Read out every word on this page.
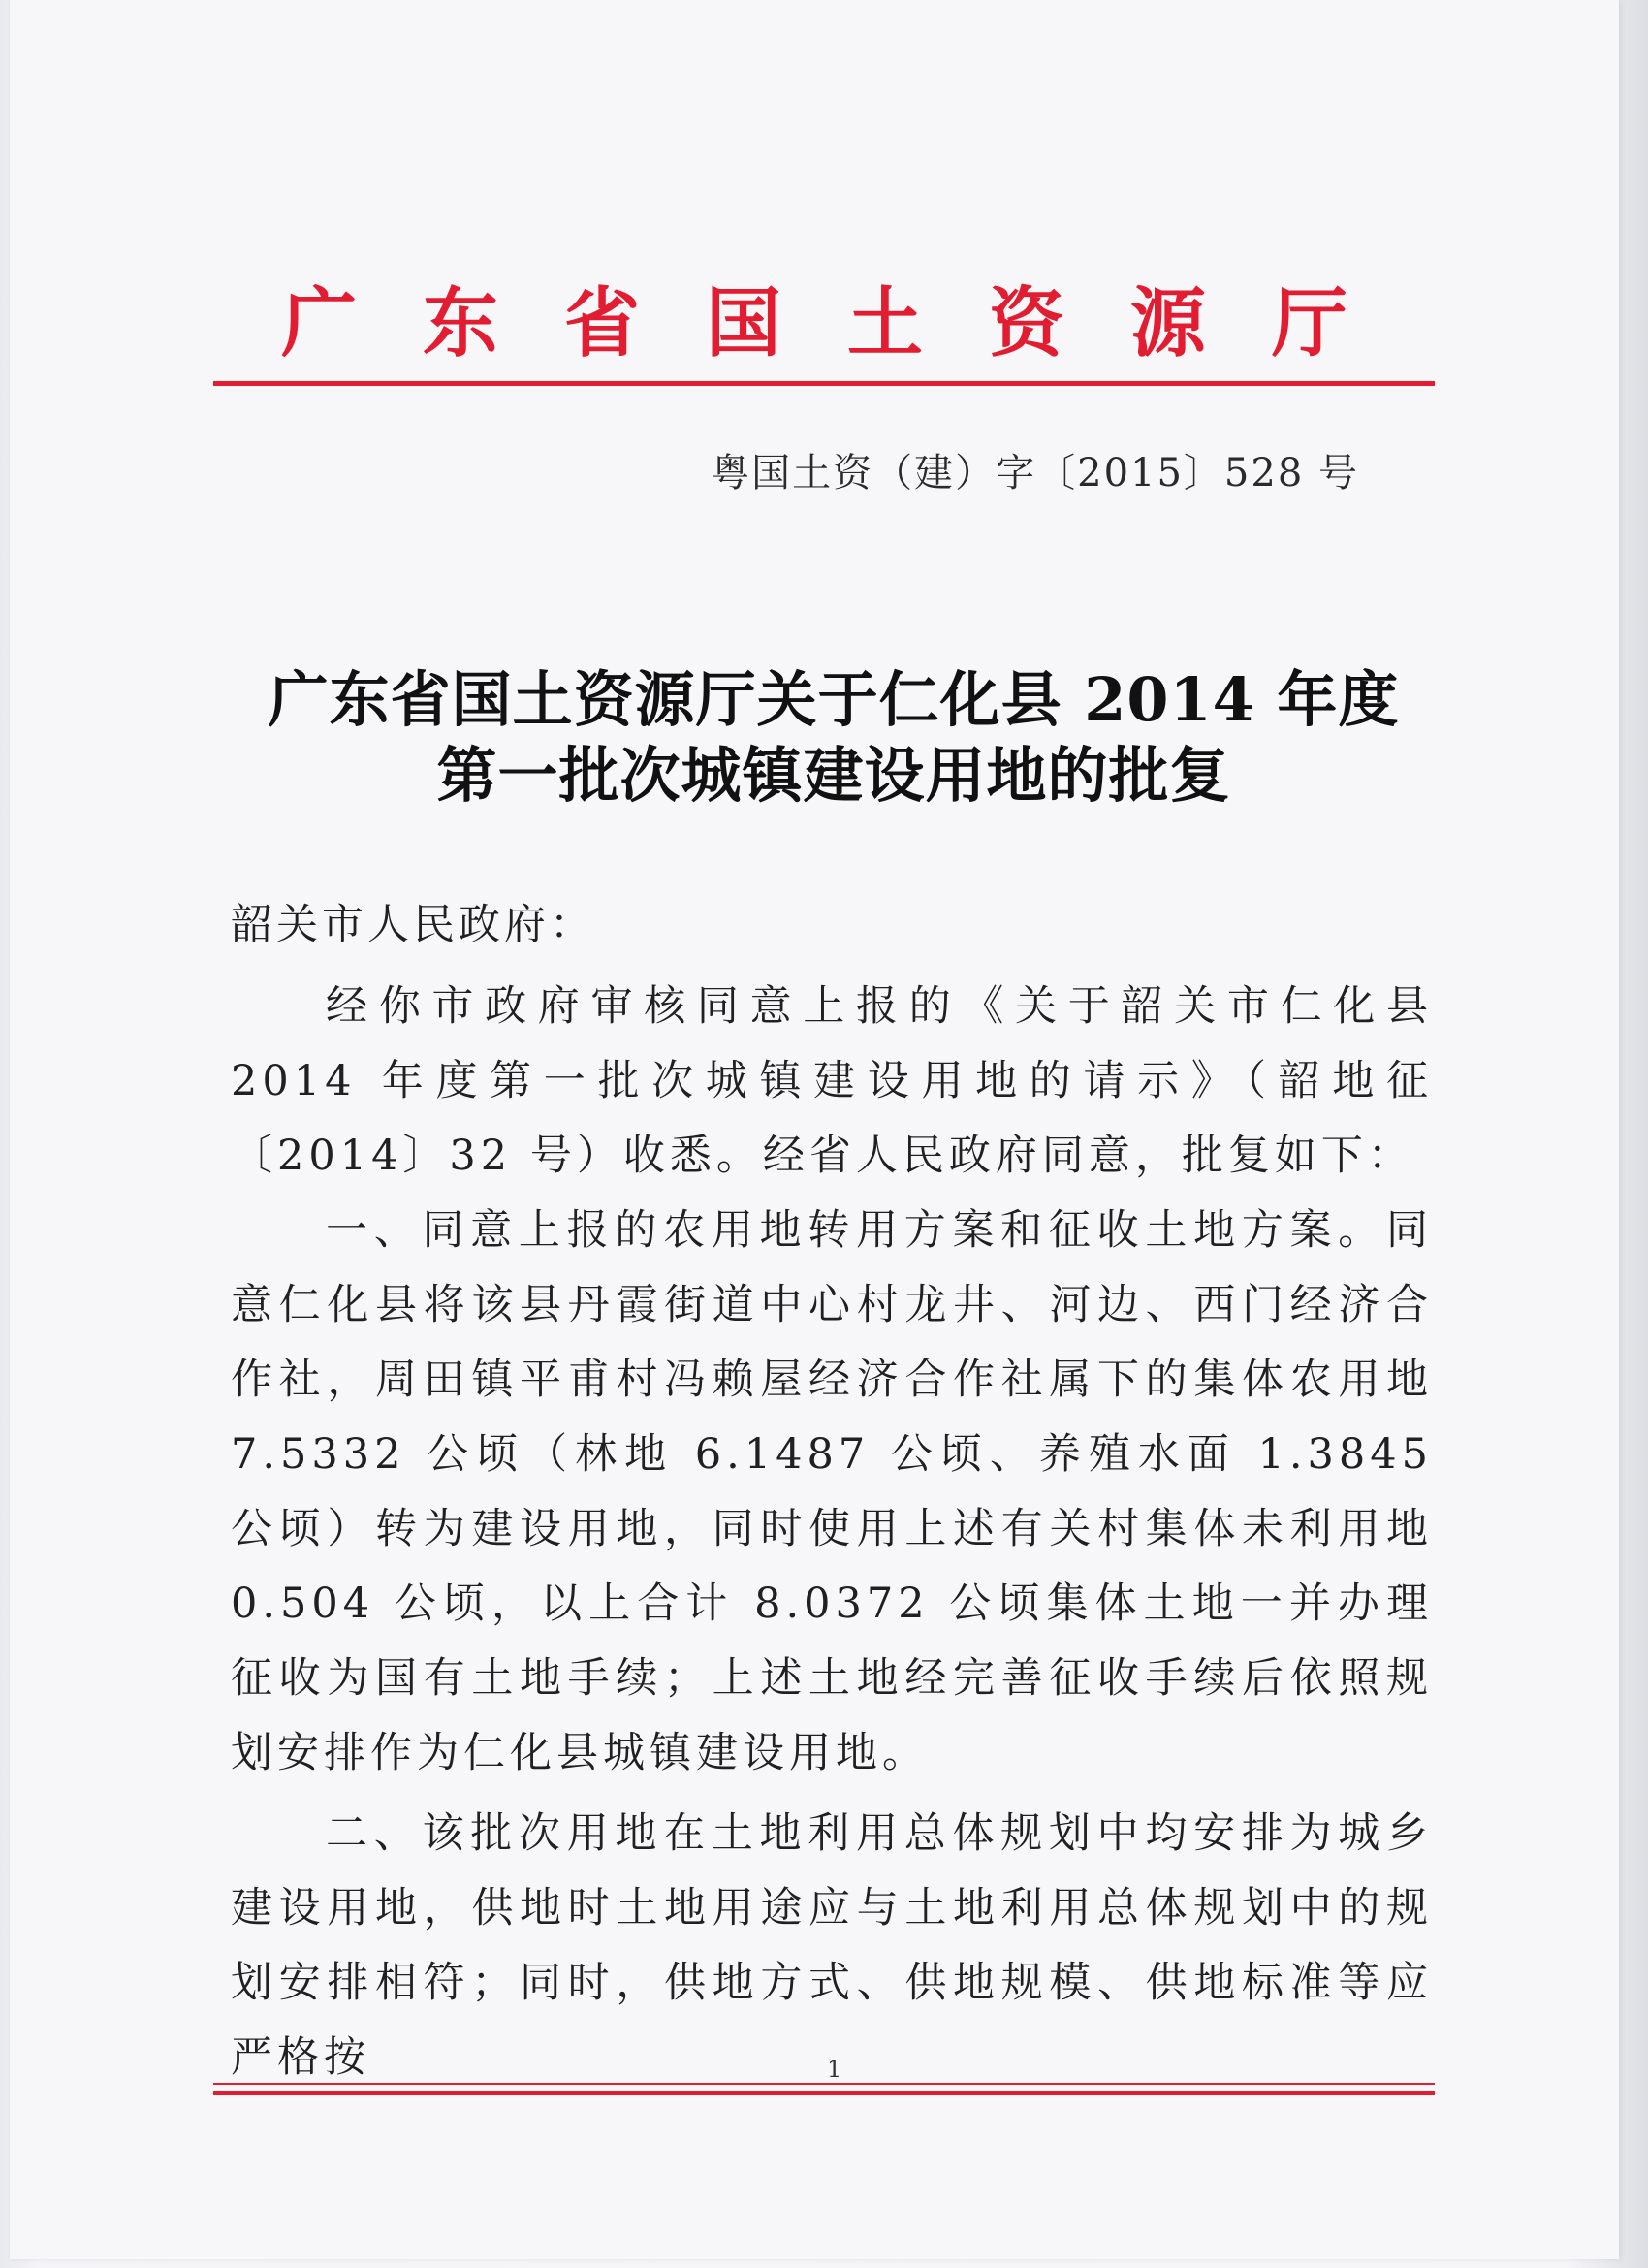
广 东 省 国 土 资 源 厅
粤国土资（建）字〔2015〕528 号
广东省国土资源厅关于仁化县 2014 年度
第一批次城镇建设用地的批复
韶关市人民政府：

经你市政府审核同意上报的《关于韶关市仁化县 2014 年度第一批次城镇建设用地的请示》（韶地征〔2014〕32 号）收悉。经省人民政府同意，批复如下：

一、同意上报的农用地转用方案和征收土地方案。同意仁化县将该县丹霞街道中心村龙井、河边、西门经济合作社，周田镇平甫村冯赖屋经济合作社属下的集体农用地 7.5332 公顷（林地 6.1487 公顷、养殖水面 1.3845 公顷）转为建设用地，同时使用上述有关村集体未利用地 0.504 公顷，以上合计 8.0372 公顷集体土地一并办理征收为国有土地手续；上述土地经完善征收手续后依照规划安排作为仁化县城镇建设用地。

二、该批次用地在土地利用总体规划中均安排为城乡建设用地，供地时土地用途应与土地利用总体规划中的规划安排相符；同时，供地方式、供地规模、供地标准等应严格按	1
